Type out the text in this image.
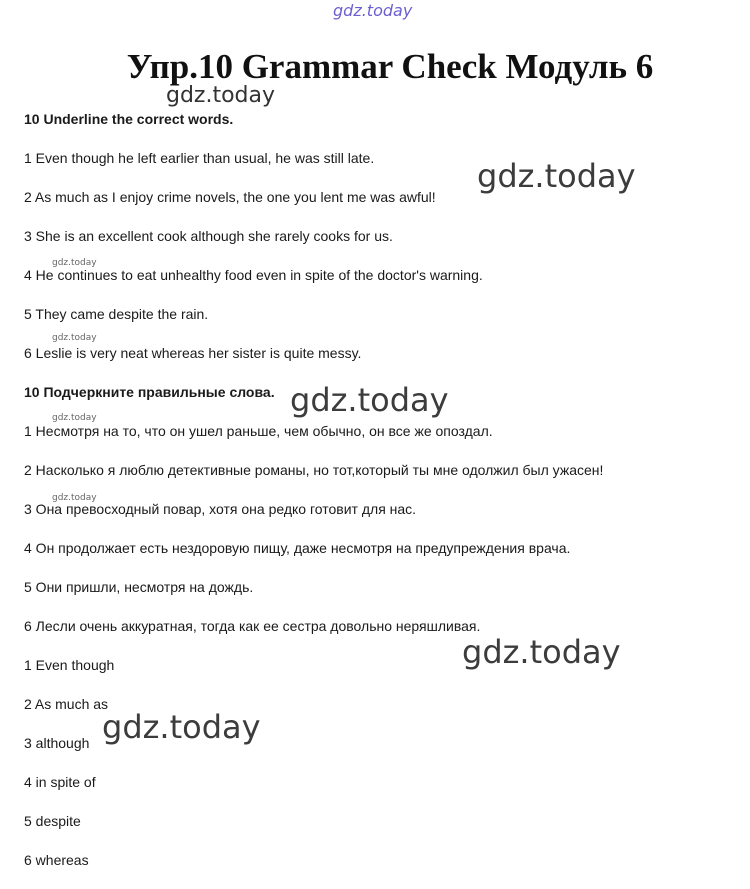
gdz.today
Упр.10 Grammar Check Модуль 6
gdz.today
10 Underline the correct words.
1 Even though he left earlier than usual, he was still late.	gdz.today
2 As much as I enjoy crime novels, the one you lent me was awful!
3 She is an excellent cook although she rarely cooks for us.
gdz.today
4 He continues to eat unhealthy food even in spite of the doctor's warning.
5 They came despite the rain.
gdz.today
6 Leslie is very neat whereas her sister is quite messy.
10 Подчеркните правильные слова. gdz.today
gdz.today
1 Несмотря на то, что он ушел раньше, чем обычно, он все же опоздал.
2 Насколько я люблю детективные романы, но тот,который ты мне одолжил был ужасен!
gdz.today
3 Она превосходный повар, хотя она редко готовит для нас.
4 Он продолжает есть нездоровую пищу, даже несмотря на предупреждения врача.
5 Они пришли, несмотря на дождь.
6 Лесли очень аккуратная, тогда как ее сестра довольно неряшливая.
gdz.today
1 Even though
2 As much as
gdz.today
3 although
4 in spite of
5 despite
6 whereas
